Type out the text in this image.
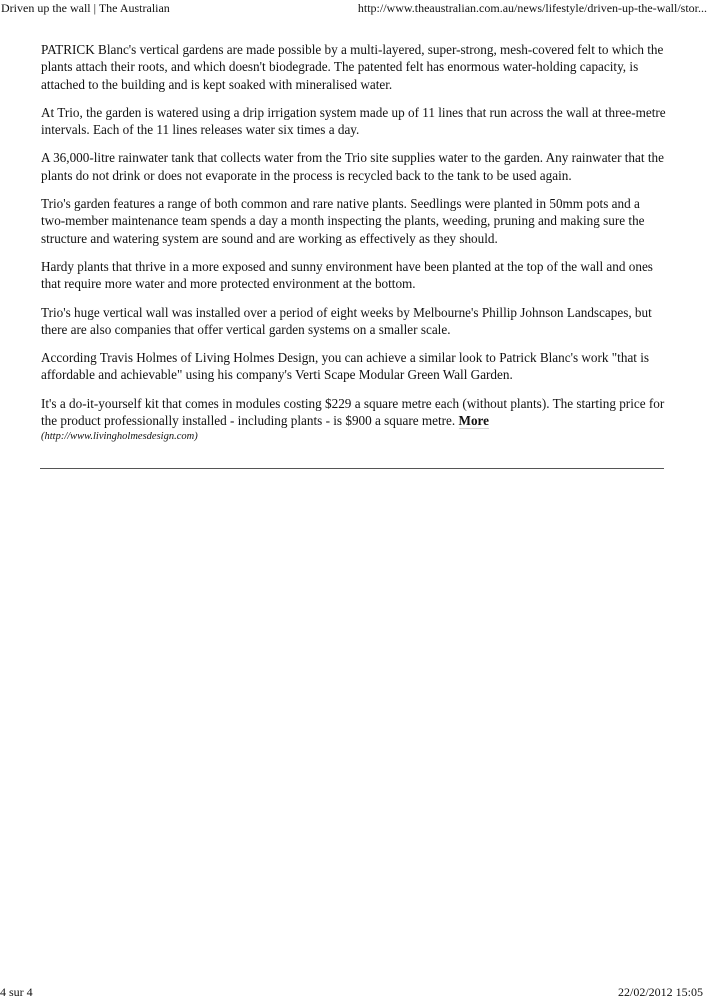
Driven up the wall | The Australian	http://www.theaustralian.com.au/news/lifestyle/driven-up-the-wall/stor...

PATRICK Blanc's vertical gardens are made possible by a multi-layered, super-strong, mesh-covered felt to which the plants attach their roots, and which doesn't biodegrade. The patented felt has enormous water-holding capacity, is attached to the building and is kept soaked with mineralised water.

At Trio, the garden is watered using a drip irrigation system made up of 11 lines that run across the wall at three-metre intervals. Each of the 11 lines releases water six times a day.

A 36,000-litre rainwater tank that collects water from the Trio site supplies water to the garden. Any rainwater that the plants do not drink or does not evaporate in the process is recycled back to the tank to be used again.

Trio's garden features a range of both common and rare native plants. Seedlings were planted in 50mm pots and a two-member maintenance team spends a day a month inspecting the plants, weeding, pruning and making sure the structure and watering system are sound and are working as effectively as they should.

Hardy plants that thrive in a more exposed and sunny environment have been planted at the top of the wall and ones that require more water and more protected environment at the bottom.

Trio's huge vertical wall was installed over a period of eight weeks by Melbourne's Phillip Johnson Landscapes, but there are also companies that offer vertical garden systems on a smaller scale.

According Travis Holmes of Living Holmes Design, you can achieve a similar look to Patrick Blanc's work "that is affordable and achievable" using his company's Verti Scape Modular Green Wall Garden.

It's a do-it-yourself kit that comes in modules costing $229 a square metre each (without plants). The starting price for the product professionally installed - including plants - is $900 a square metre. More
(http://www.livingholmesdesign.com)

4 sur 4	22/02/2012 15:05
